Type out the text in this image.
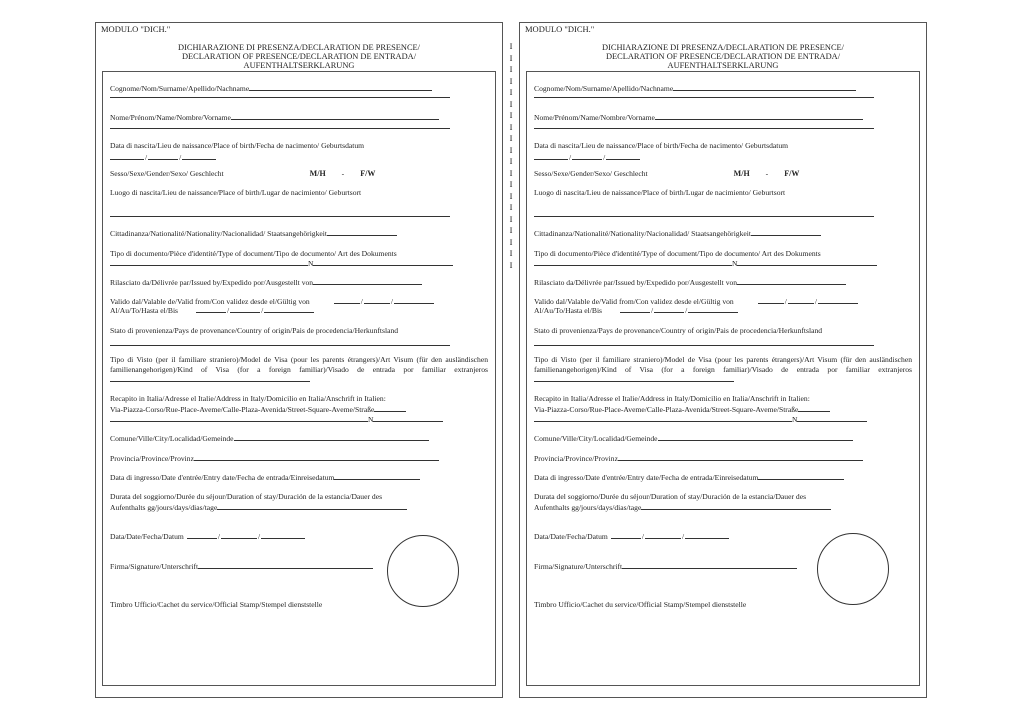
MODULO "DICH."
DICHIARAZIONE DI PRESENZA/DECLARATION DE PRESENCE/
DECLARATION OF PRESENCE/DECLARATION DE ENTRADA/
AUFENTHALTSERKLARUNG
Cognome/Nom/Surname/Apellido/Nachname
Nome/Prénom/Name/Nombre/Vorname
Data di nascita/Lieu de naissance/Place of birth/Fecha de nacimento/ Geburtsdatum
/	/
Sesso/Sexe/Gender/Sexo/ Geschlecht	M/H - F/W
Luogo di nascita/Lieu de naissance/Place of birth/Lugar de nacimiento/ Geburtsort
Cittadinanza/Nationalité/Nationality/Nacionalidad/ Staatsangehörigkeit
Tipo di documento/Pièce d'identité/Type of document/Tipo de documento/ Art des Dokuments
N
Rilasciato da/Délivrée par/Issued by/Expedido por/Ausgestellt von
Valido dal/Valable de/Valid from/Con validez desde el/Gültig von	/	/
Al/Au/To/Hasta el/Bis	/	/
Stato di provenienza/Pays de provenance/Country of origin/Pais de procedencia/Herkunftsland
Tipo di Visto (per il familiare straniero)/Model de Visa (pour les parents étrangers)/Art Visum (für den ausländischen familienangehorigen)/Kind of Visa (for a foreign familiar)/Visado de entrada por familiar extranjeros
Recapito in Italia/Adresse el Italie/Address in Italy/Domicilio en Italia/Anschrift in Italien:
Via-Piazza-Corso/Rue-Place-Aveme/Calle-Plaza-Avenida/Street-Square-Aveme/Straße
N
Comune/Ville/City/Localidad/Gemeinde
Provincia/Province/Provinz
Data di ingresso/Date d'entrée/Entry date/Fecha de entrada/Einreisedatum
Durata del soggiorno/Durée du séjour/Duration of stay/Duración de la estancia/Dauer des
Aufenthalts gg/jours/days/dias/tage
Data/Date/Fecha/Datum	/	/
Firma/Signature/Unterschrift
Timbro Ufficio/Cachet du service/Official Stamp/Stempel dienststelle
I
I
I
I
I
I
I
I
I
I
I
I
I
I
I
I
I
I
I
I
MODULO "DICH."
DICHIARAZIONE DI PRESENZA/DECLARATION DE PRESENCE/
DECLARATION OF PRESENCE/DECLARATION DE ENTRADA/
AUFENTHALTSERKLARUNG
Cognome/Nom/Surname/Apellido/Nachname
Nome/Prénom/Name/Nombre/Vorname
Data di nascita/Lieu de naissance/Place of birth/Fecha de nacimento/ Geburtsdatum
/	/
Sesso/Sexe/Gender/Sexo/ Geschlecht	M/H - F/W
Luogo di nascita/Lieu de naissance/Place of birth/Lugar de nacimiento/ Geburtsort
Cittadinanza/Nationalité/Nationality/Nacionalidad/ Staatsangehörigkeit
Tipo di documento/Pièce d'identité/Type of document/Tipo de documento/ Art des Dokuments
N
Rilasciato da/Délivrée par/Issued by/Expedido por/Ausgestellt von
Valido dal/Valable de/Valid from/Con validez desde el/Gültig von	/	/
Al/Au/To/Hasta el/Bis	/	/
Stato di provenienza/Pays de provenance/Country of origin/Pais de procedencia/Herkunftsland
Tipo di Visto (per il familiare straniero)/Model de Visa (pour les parents étrangers)/Art Visum (für den ausländischen familienangehorigen)/Kind of Visa (for a foreign familiar)/Visado de entrada por familiar extranjeros
Recapito in Italia/Adresse el Italie/Address in Italy/Domicilio en Italia/Anschrift in Italien:
Via-Piazza-Corso/Rue-Place-Aveme/Calle-Plaza-Avenida/Street-Square-Aveme/Straße
N
Comune/Ville/City/Localidad/Gemeinde
Provincia/Province/Provinz
Data di ingresso/Date d'entrée/Entry date/Fecha de entrada/Einreisedatum
Durata del soggiorno/Durée du séjour/Duration of stay/Duración de la estancia/Dauer des
Aufenthalts gg/jours/days/dias/tage
Data/Date/Fecha/Datum	/	/
Firma/Signature/Unterschrift
Timbro Ufficio/Cachet du service/Official Stamp/Stempel dienststelle
